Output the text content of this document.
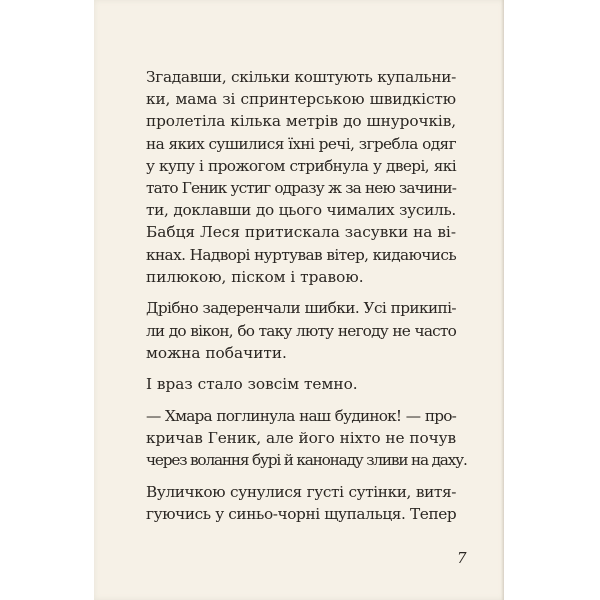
Згадавши, скільки коштують купальни-
ки, мама зі спринтерською швидкістю
пролетіла кілька метрів до шнурочків,
на яких сушилися їхні речі, згребла одяг
у купу і прожогом стрибнула у двері, які
тато Геник устиг одразу ж за нею зачини-
ти, доклавши до цього чималих зусиль.
Бабця Леся притискала засувки на ві-
кнах. Надворі нуртував вітер, кидаючись
пилюкою, піском і травою.

Дрібно задеренчали шибки. Усі прикипі-
ли до вікон, бо таку люту негоду не часто
можна побачити.

І враз стало зовсім темно.

— Хмара поглинула наш будинок! — про-
кричав Геник, але його ніхто не почув
через волання бурі й канонаду зливи на даху.

Вуличкою сунулися густі сутінки, витя-
гуючись у синьо-чорні щупальця. Тепер

7
